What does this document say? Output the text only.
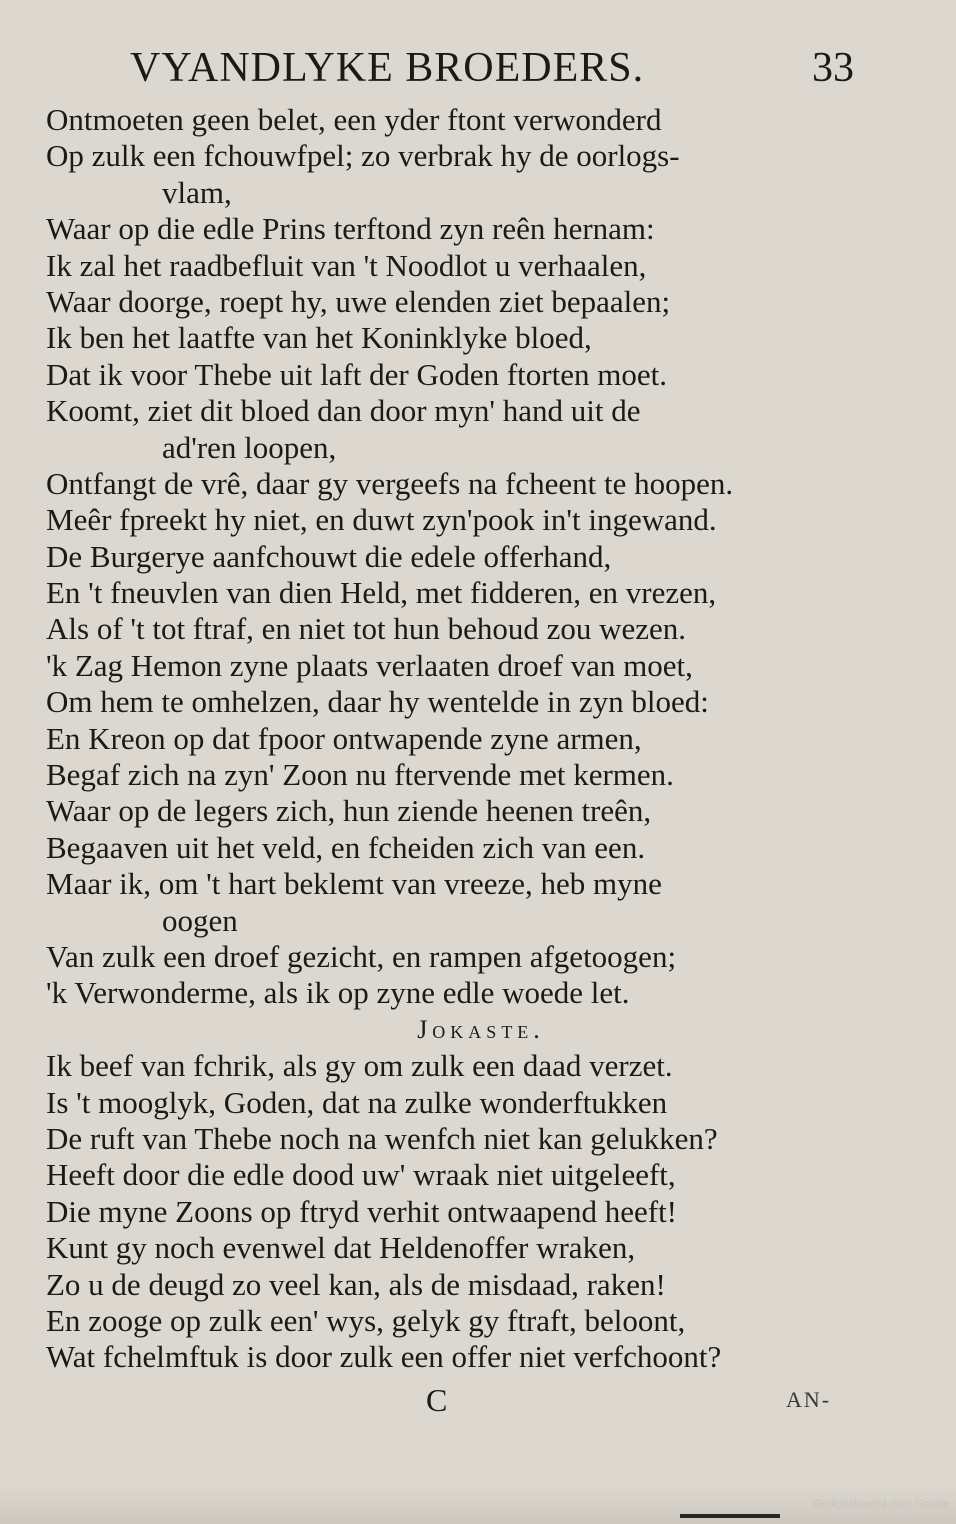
VYANDLYKE BROEDERS.	33
Ontmoeten geen belet, een yder ftont verwonderd
Op zulk een fchouwfpel; zo verbrak hy de oorlogs-
vlam,
Waar op die edle Prins terftond zyn reên hernam:
Ik zal het raadbefluit van 't Noodlot u verhaalen,
Waar doorge, roept hy, uwe elenden ziet bepaalen;
Ik ben het laatfte van het Koninklyke bloed,
Dat ik voor Thebe uit laft der Goden ftorten moet.
Koomt, ziet dit bloed dan door myn' hand uit de
ad'ren loopen,
Ontfangt de vrê, daar gy vergeefs na fcheent te hoopen.
Meêr fpreekt hy niet, en duwt zyn'pook in't ingewand.
De Burgerye aanfchouwt die edele offerhand,
En 't fneuvlen van dien Held, met fidderen, en vrezen,
Als of 't tot ftraf, en niet tot hun behoud zou wezen.
'k Zag Hemon zyne plaats verlaaten droef van moet,
Om hem te omhelzen, daar hy wentelde in zyn bloed:
En Kreon op dat fpoor ontwapende zyne armen,
Begaf zich na zyn' Zoon nu ftervende met kermen.
Waar op de legers zich, hun ziende heenen treên,
Begaaven uit het veld, en fcheiden zich van een.
Maar ik, om 't hart beklemt van vreeze, heb myne
oogen
Van zulk een droef gezicht, en rampen afgetoogen;
'k Verwonderme, als ik op zyne edle woede let.
Jokaste.
Ik beef van fchrik, als gy om zulk een daad verzet.
Is 't mooglyk, Goden, dat na zulke wonderftukken
De ruft van Thebe noch na wenfch niet kan gelukken?
Heeft door die edle dood uw' wraak niet uitgeleeft,
Die myne Zoons op ftryd verhit ontwaapend heeft!
Kunt gy noch evenwel dat Heldenoffer wraken,
Zo u de deugd zo veel kan, als de misdaad, raken!
En zooge op zulk een' wys, gelyk gy ftraft, beloont,
Wat fchelmftuk is door zulk een offer niet verfchoont?
C	AN-
Gedigitaliseerd door Google
